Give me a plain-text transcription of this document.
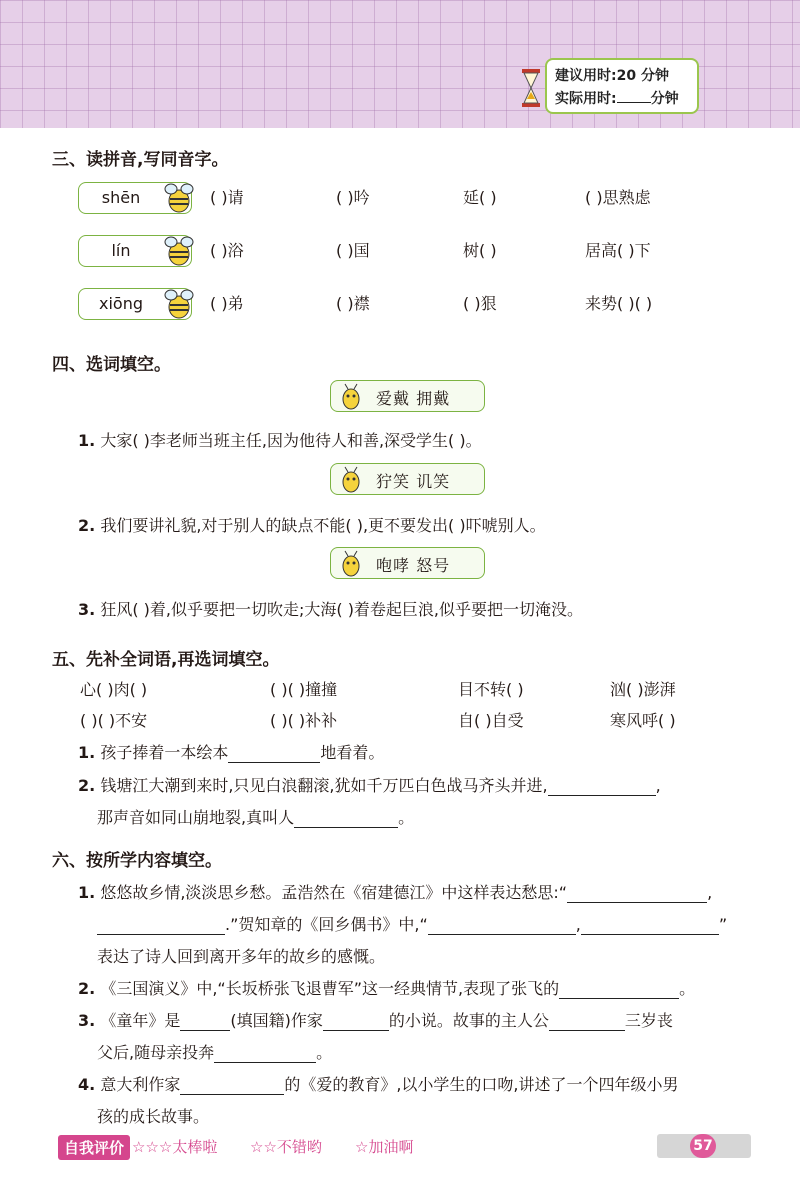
建议用时:20 分钟
实际用时: 分钟
三、读拼音,写同音字。
shēn	( )请	( )吟	延( )	( )思熟虑
lín	( )浴	( )国	树( )	居高( )下
xiōng	( )弟	( )襟	( )狠	来势( )( )
四、选词填空。
爱戴 拥戴
1. 大家( )李老师当班主任,因为他待人和善,深受学生( )。
狞笑 讥笑
2. 我们要讲礼貌,对于别人的缺点不能( ),更不要发出( )吓唬别人。
咆哮 怒号
3. 狂风( )着,似乎要把一切吹走;大海( )着卷起巨浪,似乎要把一切淹没。
五、先补全词语,再选词填空。
心( )肉( )	( )( )撞撞	目不转( )	汹( )澎湃
( )( )不安	( )( )补补	自( )自受	寒风呼( )
1. 孩子捧着一本绘本	地看着。
2. 钱塘江大潮到来时,只见白浪翻滚,犹如千万匹白色战马齐头并进,	,
那声音如同山崩地裂,真叫人	。
六、按所学内容填空。
1. 悠悠故乡情,淡淡思乡愁。孟浩然在《宿建德江》中这样表达愁思:“	,
.”贺知章的《回乡偶书》中,“	,	”
表达了诗人回到离开多年的故乡的感慨。
2. 《三国演义》中,“长坂桥张飞退曹军”这一经典情节,表现了张飞的	。
3. 《童年》是	(填国籍)作家	的小说。故事的主人公	三岁丧
父后,随母亲投奔	。
4. 意大利作家	的《爱的教育》,以小学生的口吻,讲述了一个四年级小男
孩的成长故事。
自我评价 ☆☆☆太棒啦 ☆☆不错哟 ☆加油啊	57
